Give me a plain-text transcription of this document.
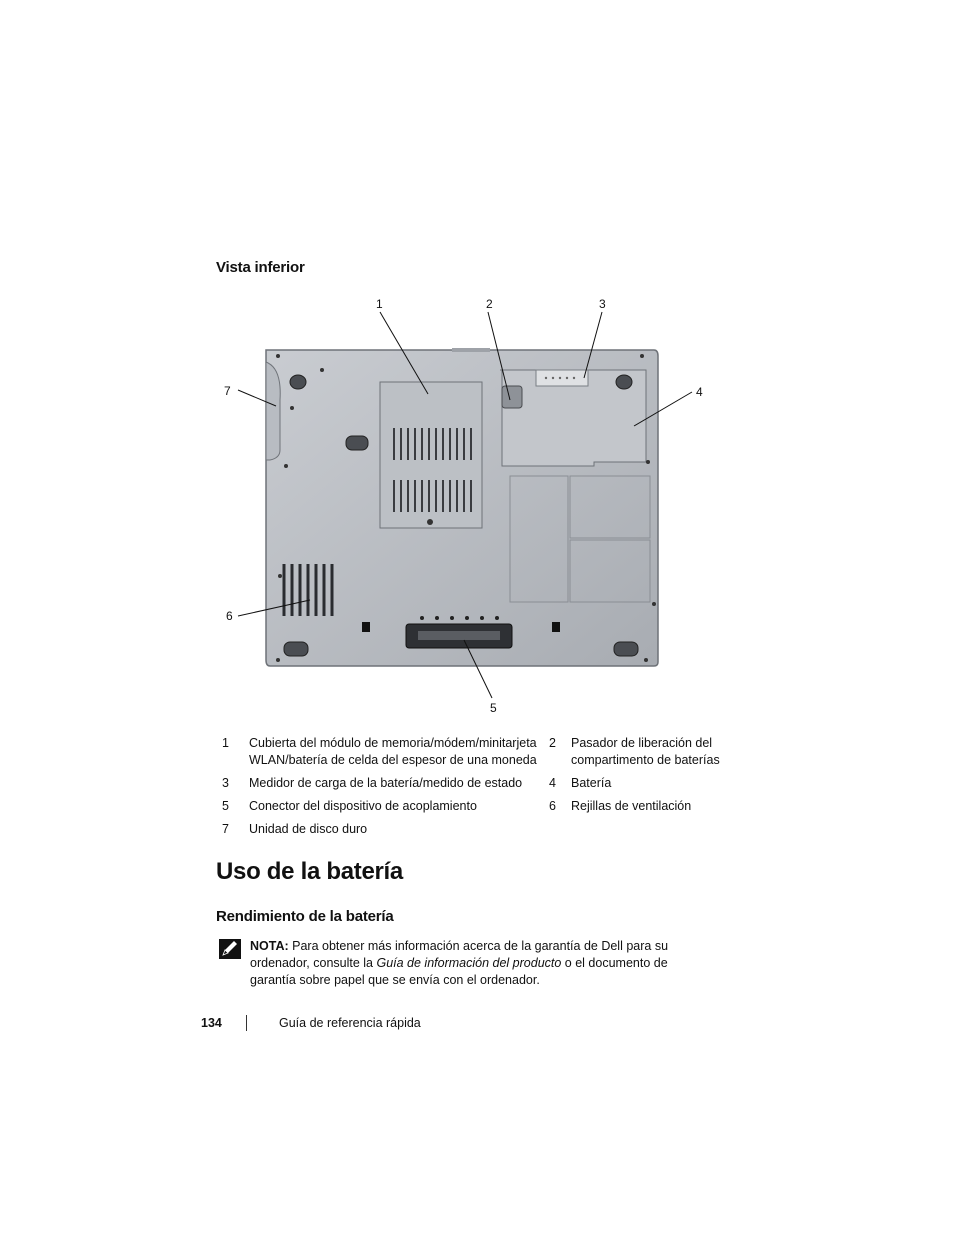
Vista inferior
1	2	3
4
5
6
7
1	Cubierta del módulo de memoria/módem/minitarjeta WLAN/batería de celda del espesor de una moneda	2	Pasador de liberación del compartimento de baterías
3	Medidor de carga de la batería/medido de estado	4	Batería
5	Conector del dispositivo de acoplamiento	6	Rejillas de ventilación
7	Unidad de disco duro		
Uso de la batería
Rendimiento de la batería
NOTA: Para obtener más información acerca de la garantía de Dell para su ordenador, consulte la Guía de información del producto o el documento de garantía sobre papel que se envía con el ordenador.
134	Guía de referencia rápida
